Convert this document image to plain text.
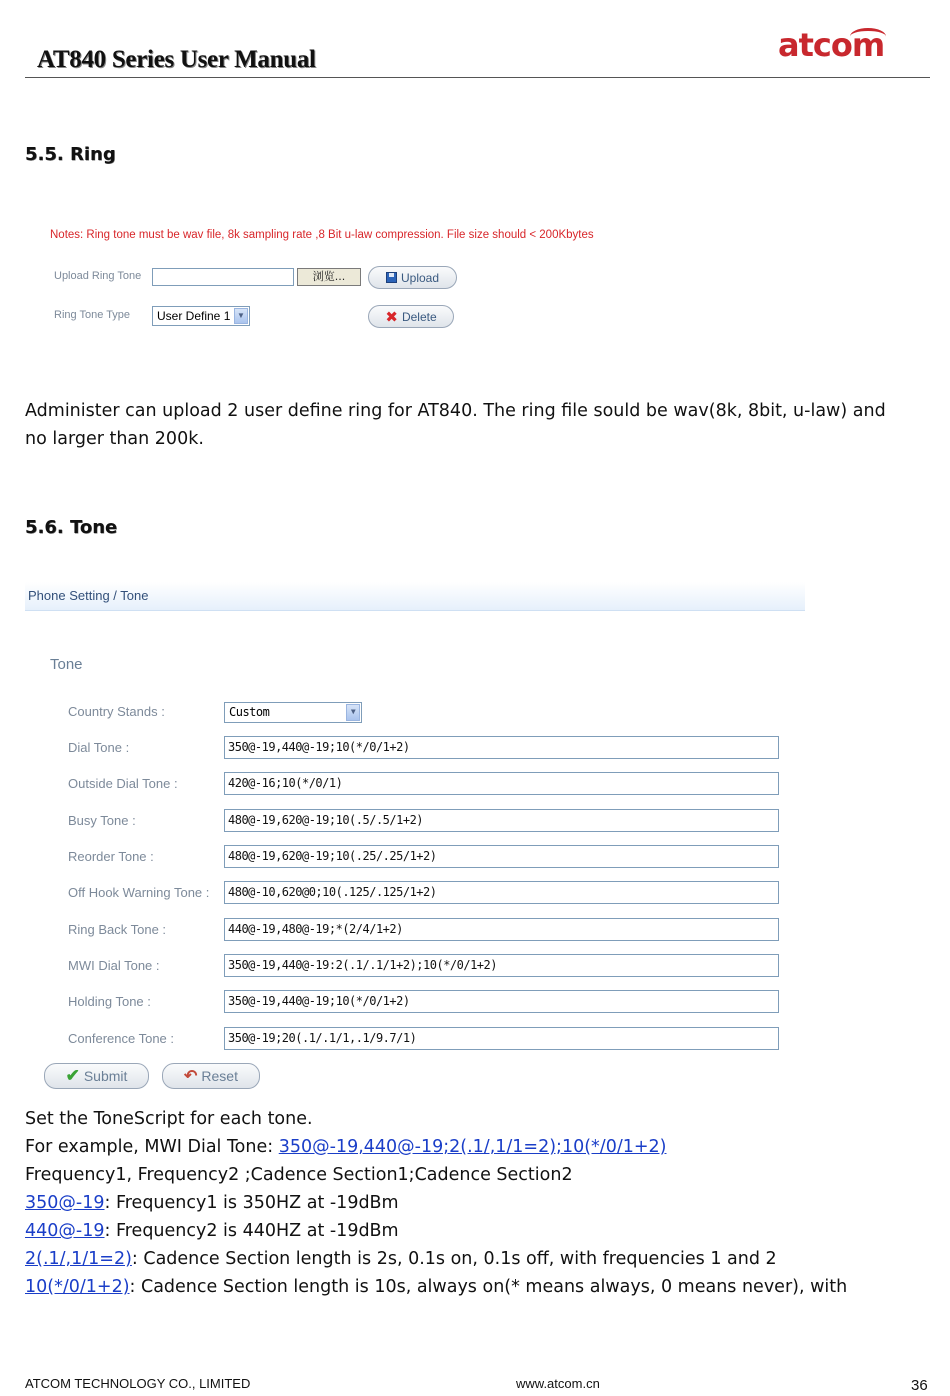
AT840 Series User Manual	atcom
5.5. Ring
Notes: Ring tone must be wav file, 8k sampling rate ,8 Bit u-law compression. File size should < 200Kbytes
Upload Ring Tone	浏览...	Upload
Ring Tone Type	User Define 1 ▼	✖ Delete
Administer can upload 2 user define ring for AT840. The ring file sould be wav(8k, 8bit, u-law) and
no larger than 200k.
5.6. Tone
Phone Setting / Tone
Tone
Country Stands :	Custom	▼
Dial Tone :	350@-19,440@-19;10(*/0/1+2)
Outside Dial Tone :	420@-16;10(*/0/1)
Busy Tone :	480@-19,620@-19;10(.5/.5/1+2)
Reorder Tone :	480@-19,620@-19;10(.25/.25/1+2)
Off Hook Warning Tone :	480@-10,620@0;10(.125/.125/1+2)
Ring Back Tone :	440@-19,480@-19;*(2/4/1+2)
MWI Dial Tone :	350@-19,440@-19:2(.1/.1/1+2);10(*/0/1+2)
Holding Tone :	350@-19,440@-19;10(*/0/1+2)
Conference Tone :	350@-19;20(.1/.1/1,.1/9.7/1)
✔ Submit	↶ Reset
Set the ToneScript for each tone.
For example, MWI Dial Tone: 350@-19,440@-19;2(.1/,1/1=2);10(*/0/1+2)
Frequency1, Frequency2 ;Cadence Section1;Cadence Section2
350@-19: Frequency1 is 350HZ at -19dBm
440@-19: Frequency2 is 440HZ at -19dBm
2(.1/,1/1=2): Cadence Section length is 2s, 0.1s on, 0.1s off, with frequencies 1 and 2
10(*/0/1+2): Cadence Section length is 10s, always on(* means always, 0 means never), with
ATCOM TECHNOLOGY CO., LIMITED	www.atcom.cn	36
